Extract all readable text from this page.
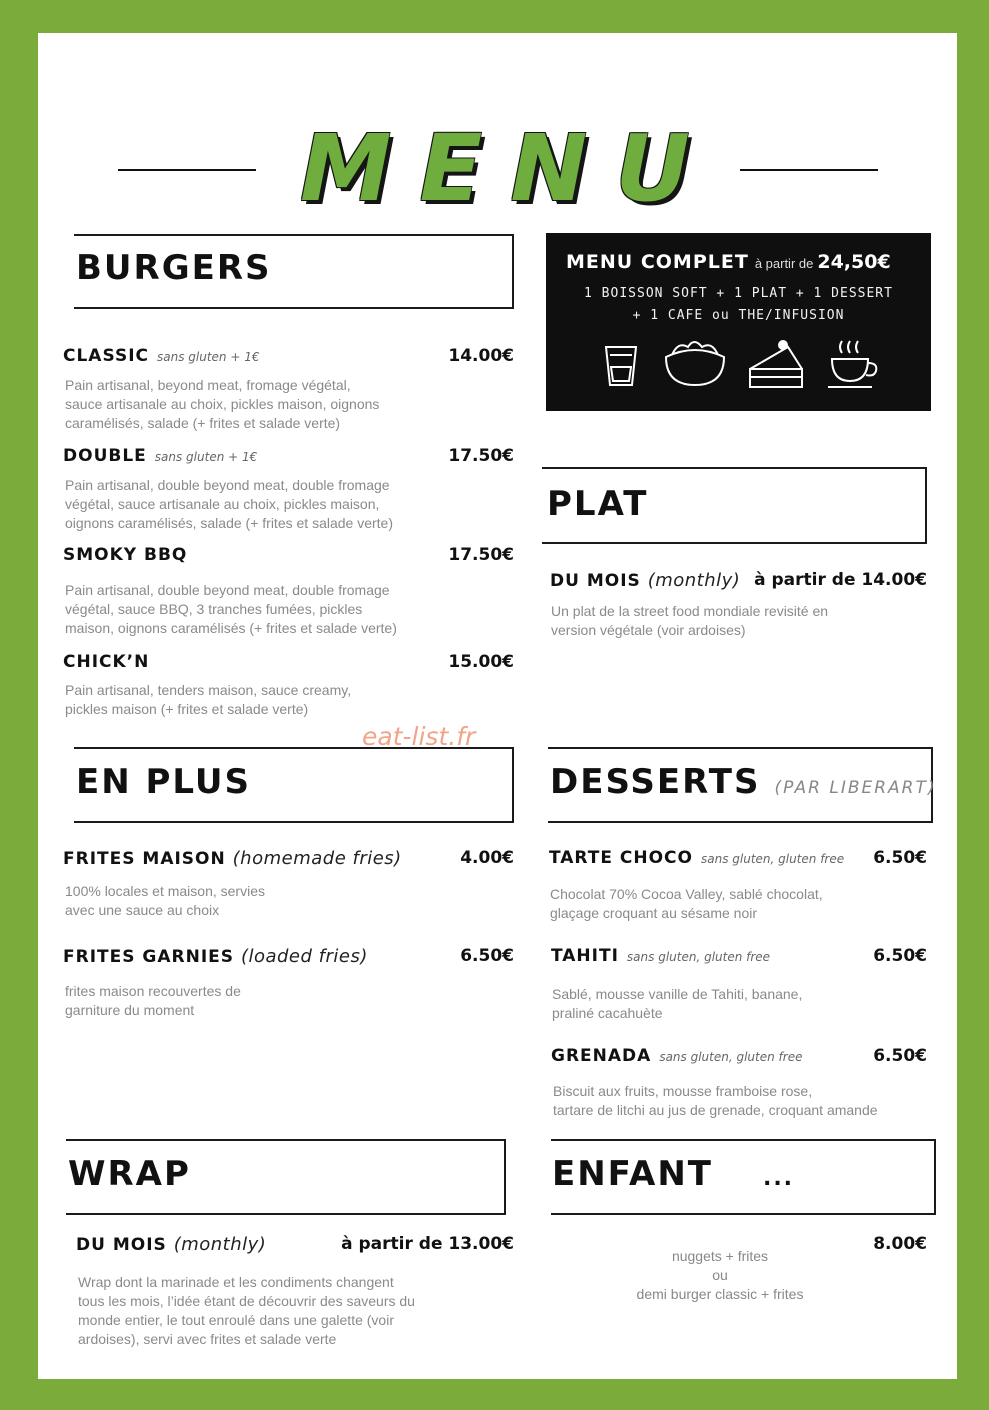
M E N U
BURGERS
CLASSIC sans gluten + 1€	14.00€
Pain artisanal, beyond meat, fromage végétal,
sauce artisanale au choix, pickles maison, oignons
caramélisés, salade (+ frites et salade verte)
DOUBLE sans gluten + 1€	17.50€
Pain artisanal, double beyond meat, double fromage
végétal, sauce artisanale au choix, pickles maison,
oignons caramélisés, salade (+ frites et salade verte)
SMOKY BBQ	17.50€
Pain artisanal, double beyond meat, double fromage
végétal, sauce BBQ, 3 tranches fumées, pickles
maison, oignons caramélisés (+ frites et salade verte)
CHICK’N	15.00€
Pain artisanal, tenders maison, sauce creamy,
pickles maison (+ frites et salade verte)
MENU COMPLET à partir de 24,50€
1 BOISSON SOFT + 1 PLAT + 1 DESSERT
+ 1 CAFE ou THE/INFUSION
PLAT
DU MOIS (monthly) à partir de 14.00€
Un plat de la street food mondiale revisité en
version végétale (voir ardoises)
eat-list.fr
EN PLUS
FRITES MAISON (homemade fries)	4.00€
100% locales et maison, servies
avec une sauce au choix
FRITES GARNIES (loaded fries)	6.50€
frites maison recouvertes de
garniture du moment
DESSERTS (PAR LIBERART)
TARTE CHOCO sans gluten, gluten free	6.50€
Chocolat 70% Cocoa Valley, sablé chocolat,
glaçage croquant au sésame noir
TAHITI sans gluten, gluten free	6.50€
Sablé, mousse vanille de Tahiti, banane,
praliné cacahuète
GRENADA sans gluten, gluten free	6.50€
Biscuit aux fruits, mousse framboise rose,
tartare de litchi au jus de grenade, croquant amande
WRAP
DU MOIS (monthly)	à partir de 13.00€
Wrap dont la marinade et les condiments changent
tous les mois, l’idée étant de découvrir des saveurs du
monde entier, le tout enroulé dans une galette (voir
ardoises), servi avec frites et salade verte
ENFANT ...
8.00€
nuggets + frites
ou
demi burger classic + frites
